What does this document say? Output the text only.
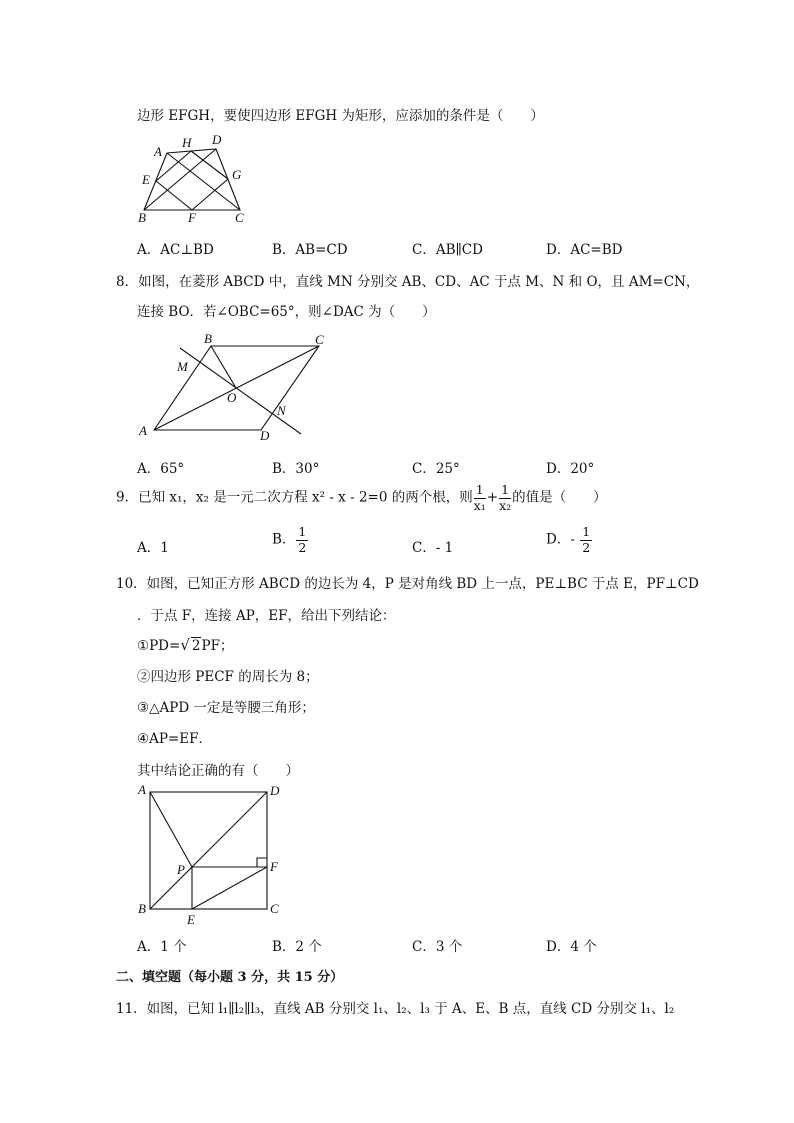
边形 EFGH，要使四边形 EFGH 为矩形，应添加的条件是（　　）
A
H D
E	G
B	F	C
A．AC⊥BD	B．AB=CD	C．AB∥CD	D．AC=BD
8．如图，在菱形 ABCD 中，直线 MN 分别交 AB、CD、AC 于点 M、N 和 O，且 AM=CN，
连接 BO．若∠OBC=65°，则∠DAC 为（　　）
B	C
M
O
N
A	D
A．65°	B．30°	C．25°	D．20°
9．已知 x₁，x₂ 是一元二次方程 x² - x - 2=0 的两个根，则 $\frac{1}{\text{x₁}} + \frac{1}{\text{x₂}}$ 的值是（　　）
A．1
B． $\frac{1}{2}$	C．- 1
D．- $\frac{1}{2}$
10．如图，已知正方形 ABCD 的边长为 4，P 是对角线 BD 上一点，PE⊥BC 于点 E，PF⊥CD
．于点 F，连接 AP，EF，给出下列结论：
①PD=√ 2PF；
②四边形 PECF 的周长为 8；
③△APD 一定是等腰三角形；
④AP=EF．
其中结论正确的有（　　）
A	D
P	F
B
E
C
A．1 个	B．2 个	C．3 个	D．4 个
二、填空题（每小题 3 分，共 15 分）
11．如图，已知 l₁∥l₂∥l₃，直线 AB 分别交 l₁、l₂、l₃ 于 A、E、B 点，直线 CD 分别交 l₁、l₂
